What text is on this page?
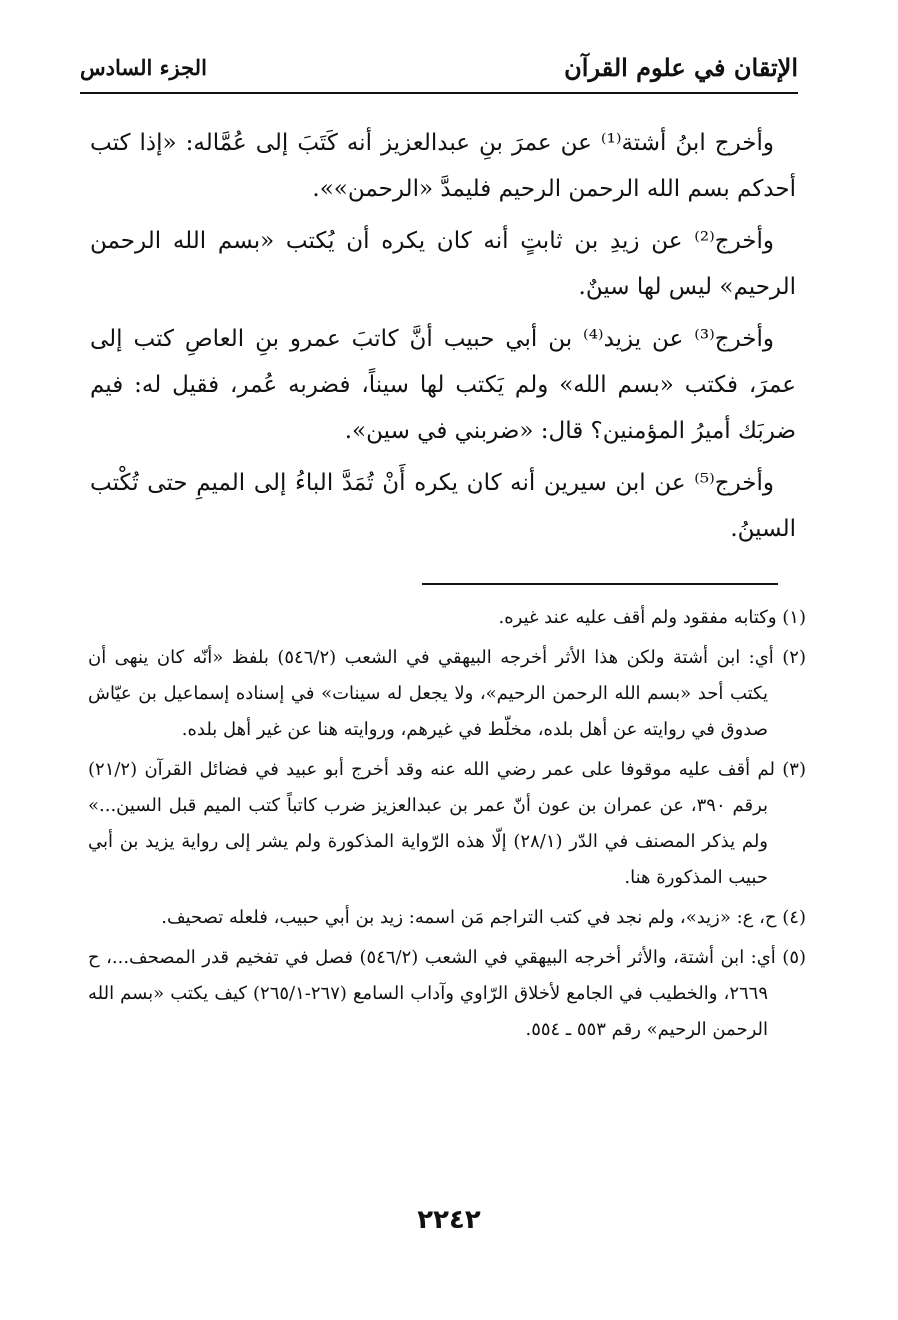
الإتقان في علوم القرآن
الجزء السادس

وأخرج ابنُ أشتة⁽¹⁾ عن عمرَ بنِ عبدالعزيز أنه كَتَبَ إلى عُمَّاله: «إذا كتب أحدكم بسم الله الرحمن الرحيم فليمدَّ «الرحمن»».

وأخرج⁽²⁾ عن زيدِ بن ثابتٍ أنه كان يكره أن يُكتب «بسم الله الرحمن الرحيم» ليس لها سينٌ.

وأخرج⁽³⁾ عن يزيد⁽⁴⁾ بن أبي حبيب أنَّ كاتبَ عمرو بنِ العاصِ كتب إلى عمرَ، فكتب «بسم الله» ولم يَكتب لها سيناً، فضربه عُمر، فقيل له: فيم ضربَك أميرُ المؤمنين؟ قال: «ضربني في سين».

وأخرج⁽⁵⁾ عن ابن سيرين أنه كان يكره أَنْ تُمَدَّ الباءُ إلى الميمِ حتى تُكْتب السينُ.

(١) وكتابه مفقود ولم أقف عليه عند غيره.

(٢) أي: ابن أشتة ولكن هذا الأثر أخرجه البيهقي في الشعب (٥٤٦/٢) بلفظ «أنّه كان ينهى أن يكتب أحد «بسم الله الرحمن الرحيم»، ولا يجعل له سينات» في إسناده إسماعيل بن عيّاش صدوق في روايته عن أهل بلده، مخلّط في غيرهم، وروايته هنا عن غير أهل بلده.

(٣) لم أقف عليه موقوفا على عمر رضي الله عنه وقد أخرج أبو عبيد في فضائل القرآن (٢١/٢) برقم ٣٩٠، عن عمران بن عون أنّ عمر بن عبدالعزيز ضرب كاتباً كتب الميم قبل السين...» ولم يذكر المصنف في الدّر (٢٨/١) إلّا هذه الرّواية المذكورة ولم يشر إلى رواية يزيد بن أبي حبيب المذكورة هنا.

(٤) ح، ع: «زيد»، ولم نجد في كتب التراجم مَن اسمه: زيد بن أبي حبيب، فلعله تصحيف.

(٥) أي: ابن أشتة، والأثر أخرجه البيهقي في الشعب (٥٤٦/٢) فصل في تفخيم قدر المصحف...، ح ٢٦٦٩، والخطيب في الجامع لأخلاق الرّاوي وآداب السامع (٢٦٧-٢٦٥/١) كيف يكتب «بسم الله الرحمن الرحيم» رقم ٥٥٣ ـ ٥٥٤.

٢٢٤٢
